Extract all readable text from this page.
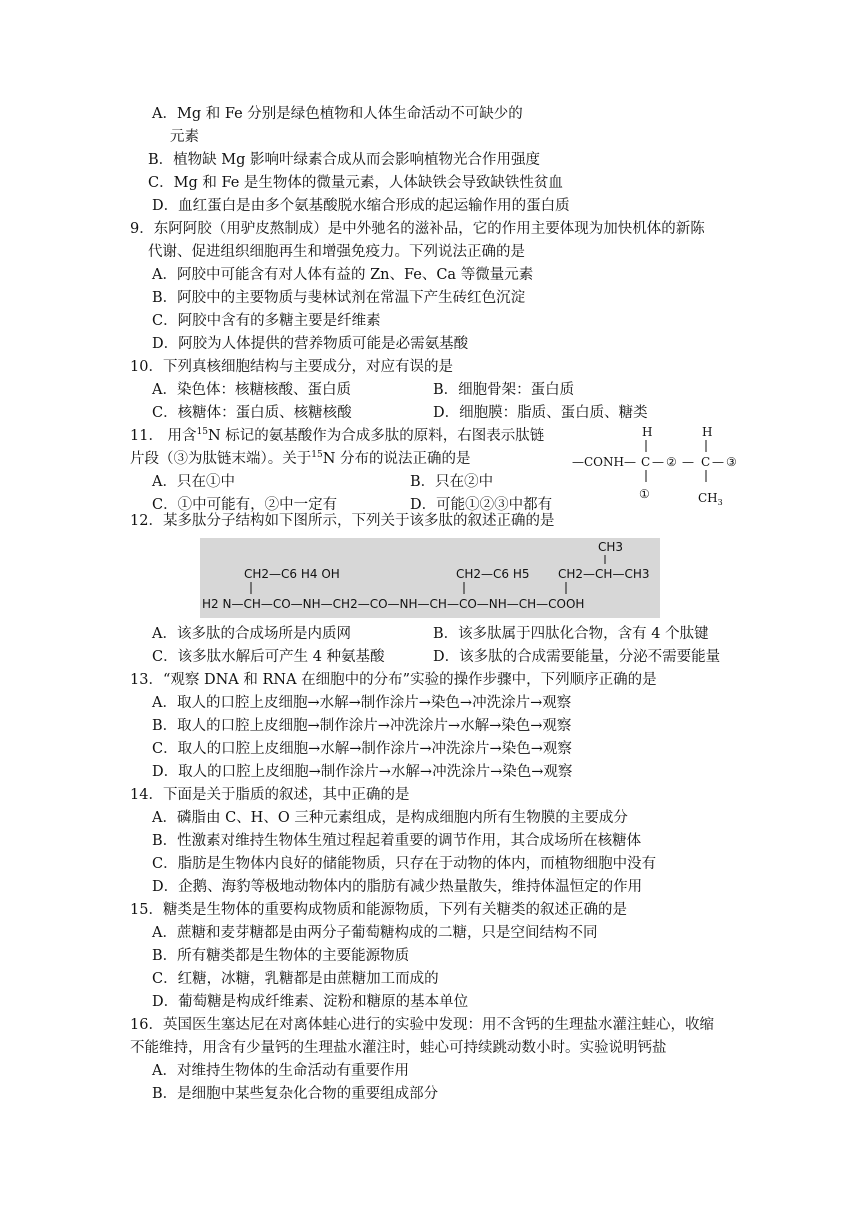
A．Mg 和 Fe 分别是绿色植物和人体生命活动不可缺少的
元素
B．植物缺 Mg 影响叶绿素合成从而会影响植物光合作用强度
C．Mg 和 Fe 是生物体的微量元素，人体缺铁会导致缺铁性贫血
D．血红蛋白是由多个氨基酸脱水缩合形成的起运输作用的蛋白质
9．东阿阿胶（用驴皮熬制成）是中外驰名的滋补品，它的作用主要体现为加快机体的新陈
代谢、促进组织细胞再生和增强免疫力。下列说法正确的是
A．阿胶中可能含有对人体有益的 Zn、Fe、Ca 等微量元素
B．阿胶中的主要物质与斐林试剂在常温下产生砖红色沉淀
C．阿胶中含有的多糖主要是纤维素
D．阿胶为人体提供的营养物质可能是必需氨基酸
10．下列真核细胞结构与主要成分，对应有误的是
A．染色体：核糖核酸、蛋白质	B．细胞骨架：蛋白质
C．核糖体：蛋白质、核糖核酸	D．细胞膜：脂质、蛋白质、糖类
11． 用含$^{15}$N 标记的氨基酸作为合成多肽的原料，右图表示肽链
片段（③为肽链末端）。关于$^{15}$N 分布的说法正确的是
A．只在①中	B．只在②中
C．①中可能有，②中一定有	D．可能①②③中都有
H	H
—CONH— C — ② — C — ③
①	$CH_3$
12．某多肽分子结构如下图所示，下列关于该多肽的叙述正确的是
CH3
CH2—C6 H4 OH	CH2—C6 H5 CH2—CH—CH3
H2 N—CH—CO—NH—CH2—CO—NH—CH—CO—NH—CH—COOH
A．该多肽的合成场所是内质网	B．该多肽属于四肽化合物，含有 4 个肽键
C．该多肽水解后可产生 4 种氨基酸	D．该多肽的合成需要能量，分泌不需要能量
13．“观察 DNA 和 RNA 在细胞中的分布”实验的操作步骤中，下列顺序正确的是
A．取人的口腔上皮细胞→水解→制作涂片→染色→冲洗涂片→观察
B．取人的口腔上皮细胞→制作涂片→冲洗涂片→水解→染色→观察
C．取人的口腔上皮细胞→水解→制作涂片→冲洗涂片→染色→观察
D．取人的口腔上皮细胞→制作涂片→水解→冲洗涂片→染色→观察
14．下面是关于脂质的叙述，其中正确的是
A．磷脂由 C、H、O 三种元素组成，是构成细胞内所有生物膜的主要成分
B．性激素对维持生物体生殖过程起着重要的调节作用，其合成场所在核糖体
C．脂肪是生物体内良好的储能物质，只存在于动物的体内，而植物细胞中没有
D．企鹅、海豹等极地动物体内的脂肪有减少热量散失，维持体温恒定的作用
15．糖类是生物体的重要构成物质和能源物质，下列有关糖类的叙述正确的是
A．蔗糖和麦芽糖都是由两分子葡萄糖构成的二糖，只是空间结构不同
B．所有糖类都是生物体的主要能源物质
C．红糖，冰糖，乳糖都是由蔗糖加工而成的
D．葡萄糖是构成纤维素、淀粉和糖原的基本单位
16．英国医生塞达尼在对离体蛙心进行的实验中发现：用不含钙的生理盐水灌注蛙心，收缩
不能维持，用含有少量钙的生理盐水灌注时，蛙心可持续跳动数小时。实验说明钙盐
A．对维持生物体的生命活动有重要作用
B．是细胞中某些复杂化合物的重要组成部分
